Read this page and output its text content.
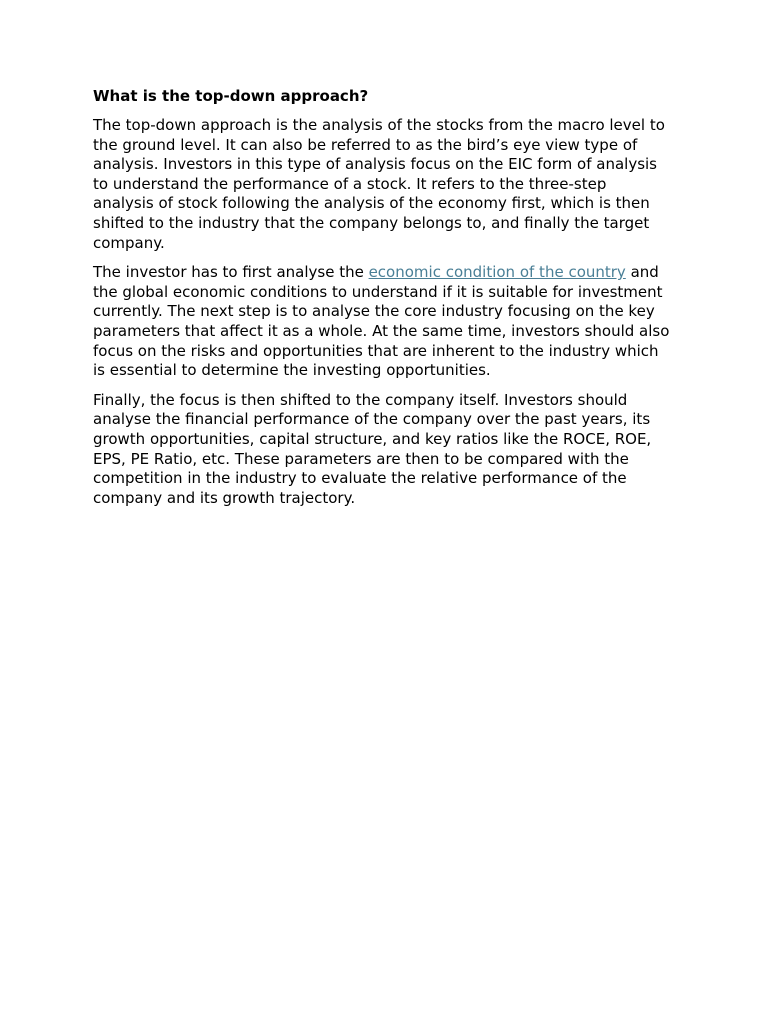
What is the top-down approach?

The top-down approach is the analysis of the stocks from the macro level to the ground level. It can also be referred to as the bird’s eye view type of analysis. Investors in this type of analysis focus on the EIC form of analysis to understand the performance of a stock. It refers to the three-step analysis of stock following the analysis of the economy first, which is then shifted to the industry that the company belongs to, and finally the target company.

The investor has to first analyse the economic condition of the country and the global economic conditions to understand if it is suitable for investment currently. The next step is to analyse the core industry focusing on the key parameters that affect it as a whole. At the same time, investors should also focus on the risks and opportunities that are inherent to the industry which is essential to determine the investing opportunities.

Finally, the focus is then shifted to the company itself. Investors should analyse the financial performance of the company over the past years, its growth opportunities, capital structure, and key ratios like the ROCE, ROE, EPS, PE Ratio, etc. These parameters are then to be compared with the competition in the industry to evaluate the relative performance of the company and its growth trajectory.
